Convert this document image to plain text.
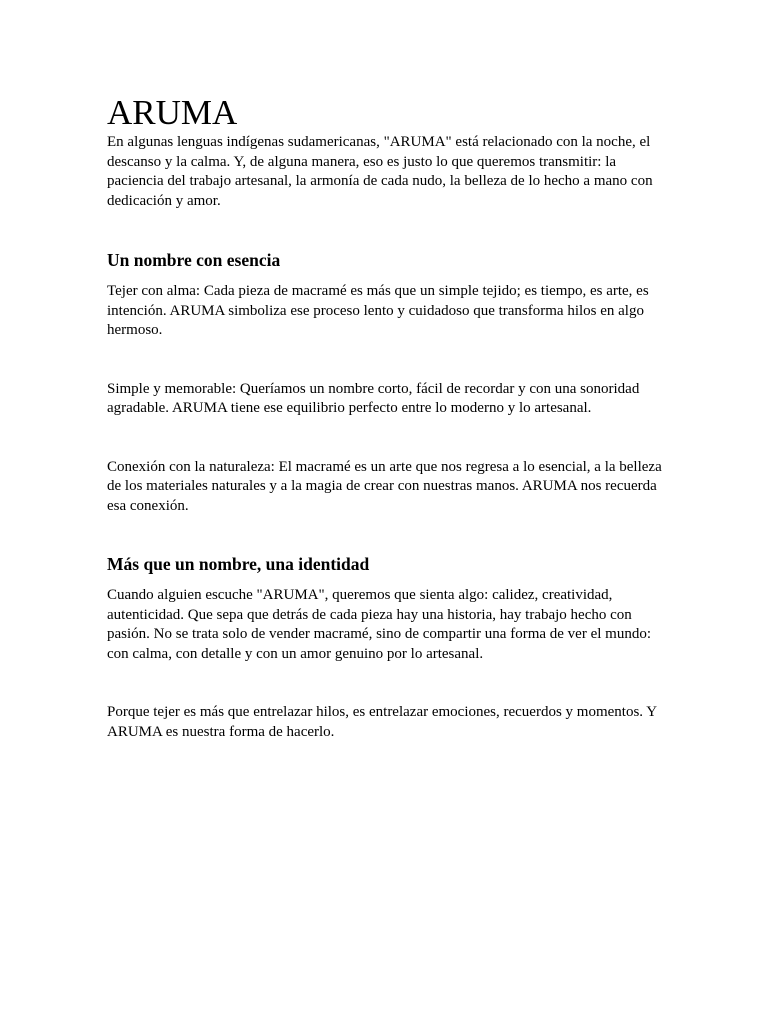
ARUMA

En algunas lenguas indígenas sudamericanas, "ARUMA" está relacionado con la noche, el descanso y la calma. Y, de alguna manera, eso es justo lo que queremos transmitir: la paciencia del trabajo artesanal, la armonía de cada nudo, la belleza de lo hecho a mano con dedicación y amor.

Un nombre con esencia

Tejer con alma: Cada pieza de macramé es más que un simple tejido; es tiempo, es arte, es intención. ARUMA simboliza ese proceso lento y cuidadoso que transforma hilos en algo hermoso.

Simple y memorable: Queríamos un nombre corto, fácil de recordar y con una sonoridad agradable. ARUMA tiene ese equilibrio perfecto entre lo moderno y lo artesanal.

Conexión con la naturaleza: El macramé es un arte que nos regresa a lo esencial, a la belleza de los materiales naturales y a la magia de crear con nuestras manos. ARUMA nos recuerda esa conexión.

Más que un nombre, una identidad

Cuando alguien escuche "ARUMA", queremos que sienta algo: calidez, creatividad, autenticidad. Que sepa que detrás de cada pieza hay una historia, hay trabajo hecho con pasión. No se trata solo de vender macramé, sino de compartir una forma de ver el mundo: con calma, con detalle y con un amor genuino por lo artesanal.

Porque tejer es más que entrelazar hilos, es entrelazar emociones, recuerdos y momentos. Y ARUMA es nuestra forma de hacerlo.
